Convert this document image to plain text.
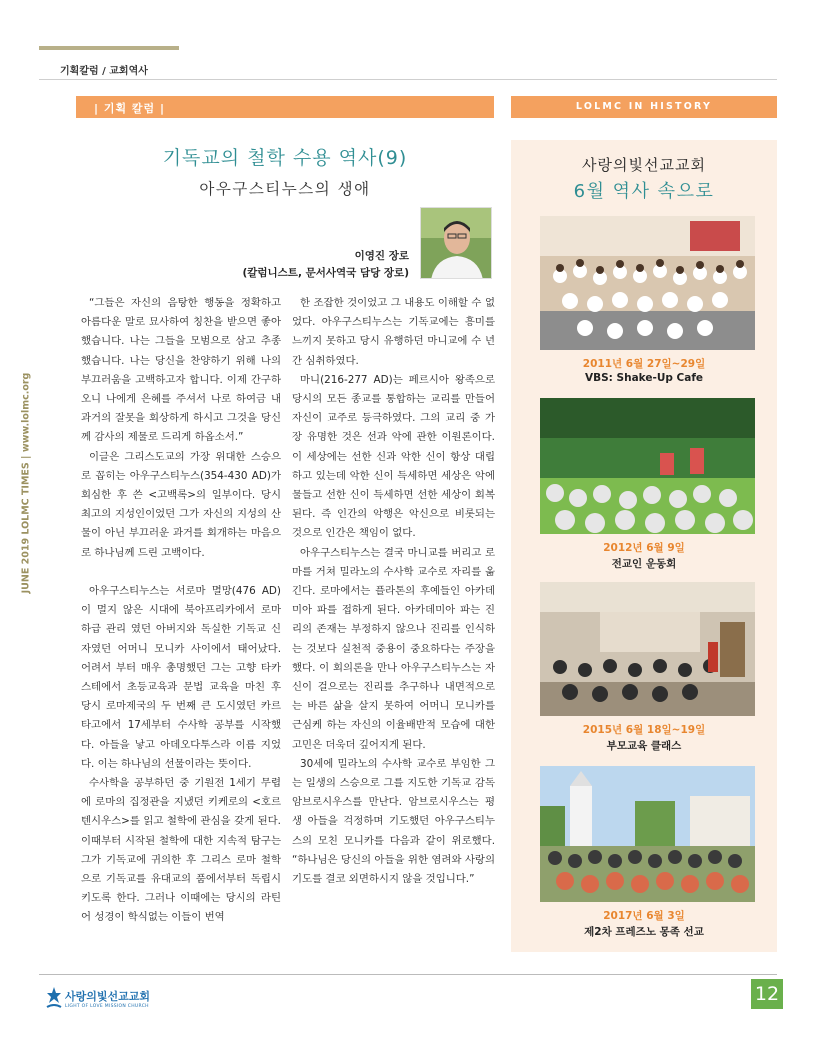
기획칼럼 / 교회역사
| 기획 칼럼 |	LOLMC IN HISTORY
JUNE 2019 LOLMC TIMES | www.lolmc.org
기독교의 철학 수용 역사(9)
아우구스티누스의 생애
이영진 장로
(칼럼니스트, 문서사역국 담당 장로)

“그들은 자신의 음탕한 행동을 정확하고 아름다운 말로 묘사하여 칭찬을 받으면 좋아했습니다. 나는 그들을 모범으로 삼고 추종했습니다. 나는 당신을 찬양하기 위해 나의 부끄러움을 고백하고자 합니다. 이제 간구하오니 나에게 은혜를 주셔서 나로 하여금 내 과거의 잘못을 회상하게 하시고 그것을 당신께 감사의 제물로 드리게 하옵소서.”

이글은 그리스도교의 가장 위대한 스승으로 꼽히는 아우구스티누스(354-430 AD)가 회심한 후 쓴 <고백록>의 일부이다. 당시 최고의 지성인이었던 그가 자신의 지성의 산물이 아닌 부끄러운 과거를 회개하는 마음으로 하나님께 드린 고백이다.

아우구스티누스는 서로마 멸망(476 AD) 이 멀지 않은 시대에 북아프리카에서 로마 하급 관리 였던 아버지와 독실한 기독교 신자였던 어머니 모니카 사이에서 태어났다. 어려서 부터 매우 총명했던 그는 고향 타카스테에서 초등교육과 문법 교육을 마친 후 당시 로마제국의 두 번째 큰 도시였던 카르타고에서 17세부터 수사학 공부를 시작했다. 아들을 낳고 아데오다투스라 이름 지었다. 이는 하나님의 선물이라는 뜻이다.

수사학을 공부하던 중 기원전 1세기 무렵에 로마의 집정관을 지냈던 키케로의 <호르텐시우스>를 읽고 철학에 관심을 갖게 된다. 이때부터 시작된 철학에 대한 지속적 탐구는 그가 기독교에 귀의한 후 그리스 로마 철학으로 기독교를 유대교의 품에서부터 독립시키도록 한다. 그러나 이때에는 당시의 라틴어 성경이 학식없는 이들이 번역

한 조잡한 것이었고 그 내용도 이해할 수 없었다. 아우구스티누스는 기독교에는 흥미를 느끼지 못하고 당시 유행하던 마니교에 수 년간 심취하였다.

마니(216-277 AD)는 페르시아 왕족으로 당시의 모든 종교를 통합하는 교리를 만들어 자신이 교주로 등극하였다. 그의 교리 중 가장 유명한 것은 선과 악에 관한 이원론이다. 이 세상에는 선한 신과 악한 신이 항상 대립하고 있는데 악한 신이 득세하면 세상은 악에 물들고 선한 신이 득세하면 선한 세상이 회복된다. 즉 인간의 악행은 악신으로 비롯되는 것으로 인간은 책임이 없다.

아우구스티누스는 결국 마니교를 버리고 로마를 거쳐 밀라노의 수사학 교수로 자리를 옮긴다. 로마에서는 플라톤의 후예들인 아카데미아 파를 접하게 된다. 아카데미아 파는 진리의 존재는 부정하지 않으나 진리를 인식하는 것보다 실천적 중용이 중요하다는 주장을 했다. 이 회의론을 만나 아우구스티누스는 자신이 걸으로는 진리를 추구하나 내면적으로는 바른 삶을 살지 못하여 어머니 모니카를 근심케 하는 자신의 이율배반적 모습에 대한 고민은 더욱더 깊어지게 된다.

30세에 밀라노의 수사학 교수로 부임한 그는 일생의 스승으로 그를 지도한 기독교 감독 암브로시우스를 만난다. 암브로시우스는 평생 아들을 걱정하며 기도했던 아우구스티누스의 모친 모니카를 다음과 같이 위로했다. “하나님은 당신의 아들을 위한 염려와 사랑의 기도를 결코 외면하시지 않을 것입니다.”

사랑의빛선교교회
6월 역사 속으로
2011년 6월 27일~29일
VBS: Shake-Up Cafe
2012년 6월 9일
전교인 운동회
2015년 6월 18일~19일
부모교육 클래스
2017년 6월 3일
제2차 프레즈노 몽족 선교
사랑의빛선교교회
LIGHT OF LOVE MISSION CHURCH
12
